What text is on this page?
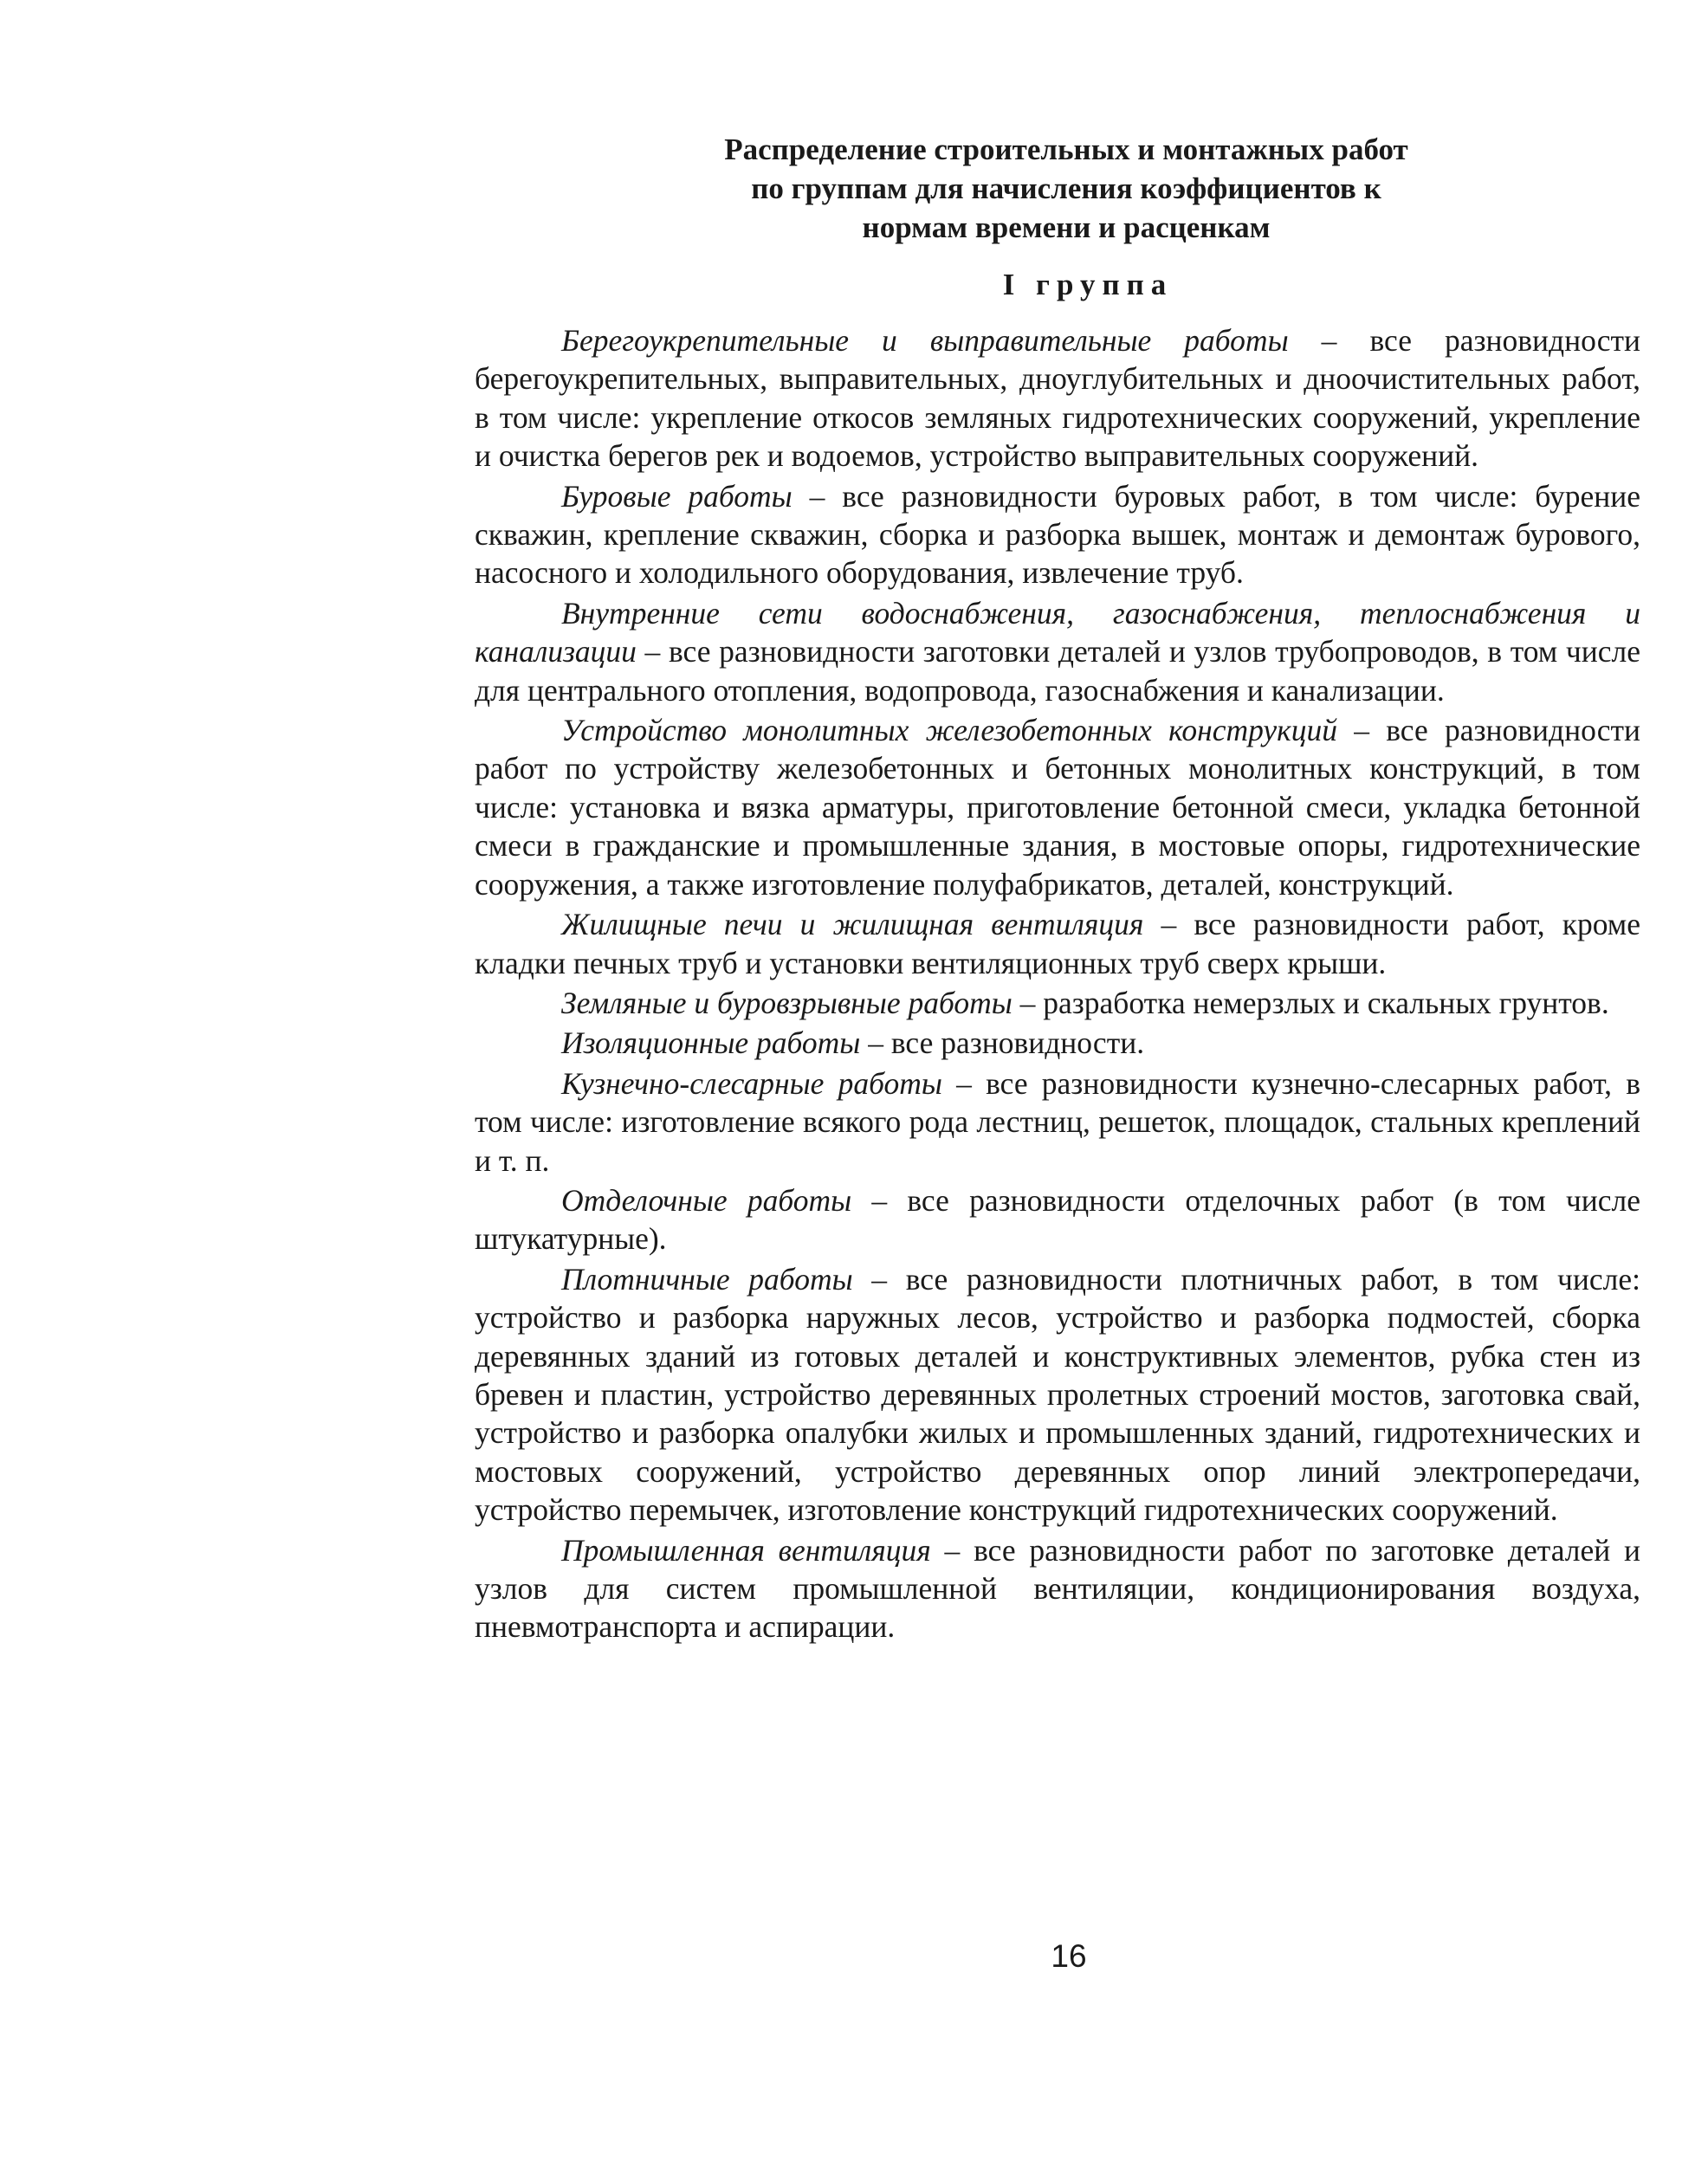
Распределение строительных и монтажных работ
по группам для начисления коэффициентов к
нормам времени и расценкам
I группа

Берегоукрепительные и выправительные работы – все разновидности берегоукрепительных, выправительных, дноуглубительных и дноочистительных работ, в том числе: укрепление откосов земляных гидротехнических сооружений, укрепление и очистка берегов рек и водоемов, устройство выправительных сооружений.

Буровые работы – все разновидности буровых работ, в том числе: бурение скважин, крепление скважин, сборка и разборка вышек, монтаж и демонтаж бурового, насосного и холодильного оборудования, извлечение труб.

Внутренние сети водоснабжения, газоснабжения, теплоснабжения и канализации – все разновидности заготовки деталей и узлов трубопроводов, в том числе для центрального отопления, водопровода, газоснабжения и канализации.

Устройство монолитных железобетонных конструкций – все разновидности работ по устройству железобетонных и бетонных монолитных конструкций, в том числе: установка и вязка арматуры, приготовление бетонной смеси, укладка бетонной смеси в гражданские и промышленные здания, в мостовые опоры, гидротехнические сооружения, а также изготовление полуфабрикатов, деталей, конструкций.

Жилищные печи и жилищная вентиляция – все разновидности работ, кроме кладки печных труб и установки вентиляционных труб сверх крыши.

Земляные и буровзрывные работы – разработка немерзлых и скальных грунтов.

Изоляционные работы – все разновидности.

Кузнечно-слесарные работы – все разновидности кузнечно-слесарных работ, в том числе: изготовление всякого рода лестниц, решеток, площадок, стальных креплений и т. п.

Отделочные работы – все разновидности отделочных работ (в том числе штукатурные).

Плотничные работы – все разновидности плотничных работ, в том числе: устройство и разборка наружных лесов, устройство и разборка подмостей, сборка деревянных зданий из готовых деталей и конструктивных элементов, рубка стен из бревен и пластин, устройство деревянных пролетных строений мостов, заготовка свай, устройство и разборка опалубки жилых и промышленных зданий, гидротехнических и мостовых сооружений, устройство деревянных опор линий электропередачи, устройство перемычек, изготовление конструкций гидротехнических сооружений.

Промышленная вентиляция – все разновидности работ по заготовке деталей и узлов для систем промышленной вентиляции, кондиционирования воздуха, пневмотранспорта и аспирации.

16
